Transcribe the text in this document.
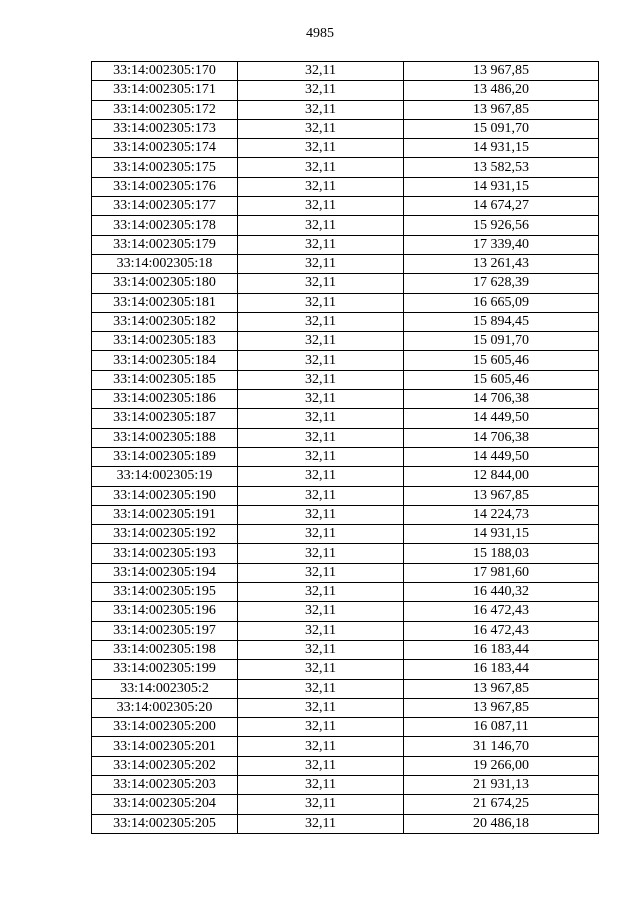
4985
33:14:002305:170	32,11	13 967,85
33:14:002305:171	32,11	13 486,20
33:14:002305:172	32,11	13 967,85
33:14:002305:173	32,11	15 091,70
33:14:002305:174	32,11	14 931,15
33:14:002305:175	32,11	13 582,53
33:14:002305:176	32,11	14 931,15
33:14:002305:177	32,11	14 674,27
33:14:002305:178	32,11	15 926,56
33:14:002305:179	32,11	17 339,40
33:14:002305:18	32,11	13 261,43
33:14:002305:180	32,11	17 628,39
33:14:002305:181	32,11	16 665,09
33:14:002305:182	32,11	15 894,45
33:14:002305:183	32,11	15 091,70
33:14:002305:184	32,11	15 605,46
33:14:002305:185	32,11	15 605,46
33:14:002305:186	32,11	14 706,38
33:14:002305:187	32,11	14 449,50
33:14:002305:188	32,11	14 706,38
33:14:002305:189	32,11	14 449,50
33:14:002305:19	32,11	12 844,00
33:14:002305:190	32,11	13 967,85
33:14:002305:191	32,11	14 224,73
33:14:002305:192	32,11	14 931,15
33:14:002305:193	32,11	15 188,03
33:14:002305:194	32,11	17 981,60
33:14:002305:195	32,11	16 440,32
33:14:002305:196	32,11	16 472,43
33:14:002305:197	32,11	16 472,43
33:14:002305:198	32,11	16 183,44
33:14:002305:199	32,11	16 183,44
33:14:002305:2	32,11	13 967,85
33:14:002305:20	32,11	13 967,85
33:14:002305:200	32,11	16 087,11
33:14:002305:201	32,11	31 146,70
33:14:002305:202	32,11	19 266,00
33:14:002305:203	32,11	21 931,13
33:14:002305:204	32,11	21 674,25
33:14:002305:205	32,11	20 486,18
